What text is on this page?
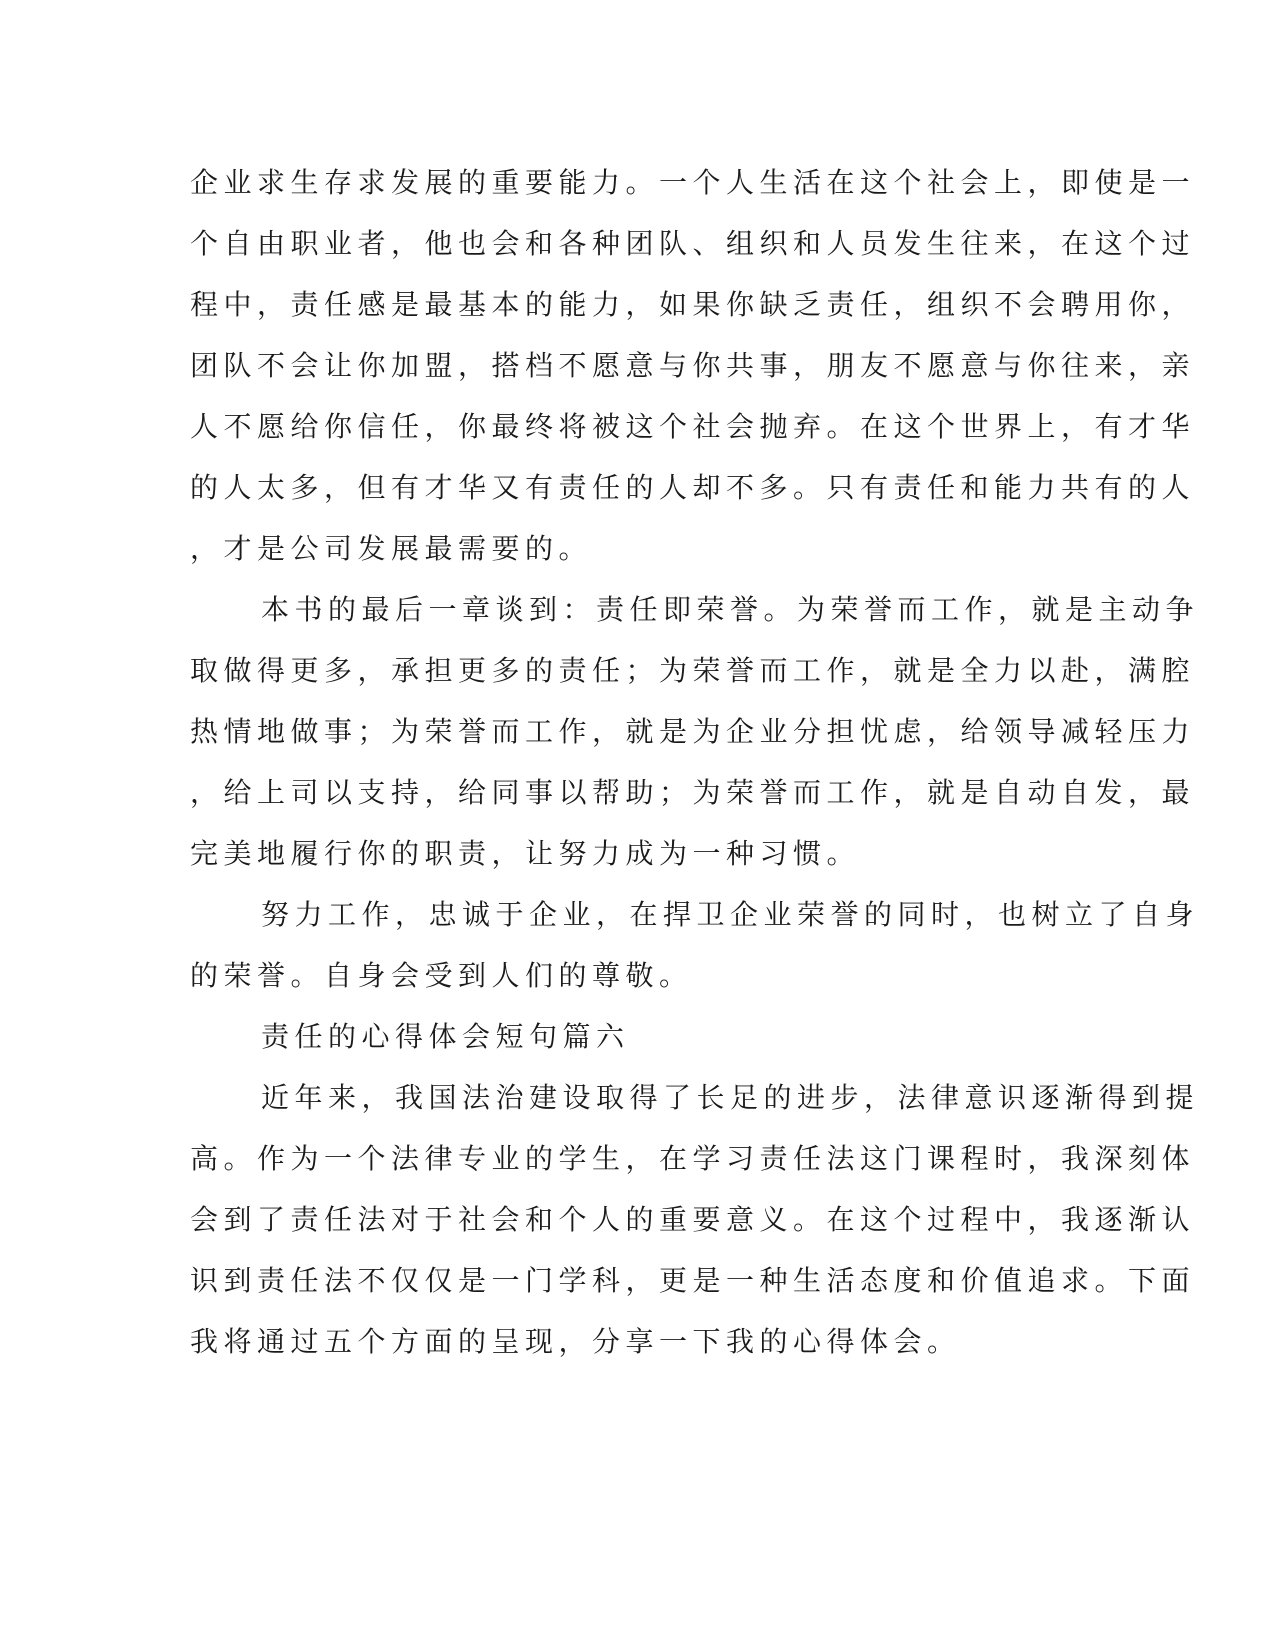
企业求生存求发展的重要能力。一个人生活在这个社会上，即使是一
个自由职业者，他也会和各种团队、组织和人员发生往来，在这个过
程中，责任感是最基本的能力，如果你缺乏责任，组织不会聘用你，
团队不会让你加盟，搭档不愿意与你共事，朋友不愿意与你往来，亲
人不愿给你信任，你最终将被这个社会抛弃。在这个世界上，有才华
的人太多，但有才华又有责任的人却不多。只有责任和能力共有的人
，才是公司发展最需要的。
本书的最后一章谈到：责任即荣誉。为荣誉而工作，就是主动争
取做得更多，承担更多的责任；为荣誉而工作，就是全力以赴，满腔
热情地做事；为荣誉而工作，就是为企业分担忧虑，给领导减轻压力
，给上司以支持，给同事以帮助；为荣誉而工作，就是自动自发，最
完美地履行你的职责，让努力成为一种习惯。
努力工作，忠诚于企业，在捍卫企业荣誉的同时，也树立了自身
的荣誉。自身会受到人们的尊敬。
责任的心得体会短句篇六
近年来，我国法治建设取得了长足的进步，法律意识逐渐得到提
高。作为一个法律专业的学生，在学习责任法这门课程时，我深刻体
会到了责任法对于社会和个人的重要意义。在这个过程中，我逐渐认
识到责任法不仅仅是一门学科，更是一种生活态度和价值追求。下面
我将通过五个方面的呈现，分享一下我的心得体会。
